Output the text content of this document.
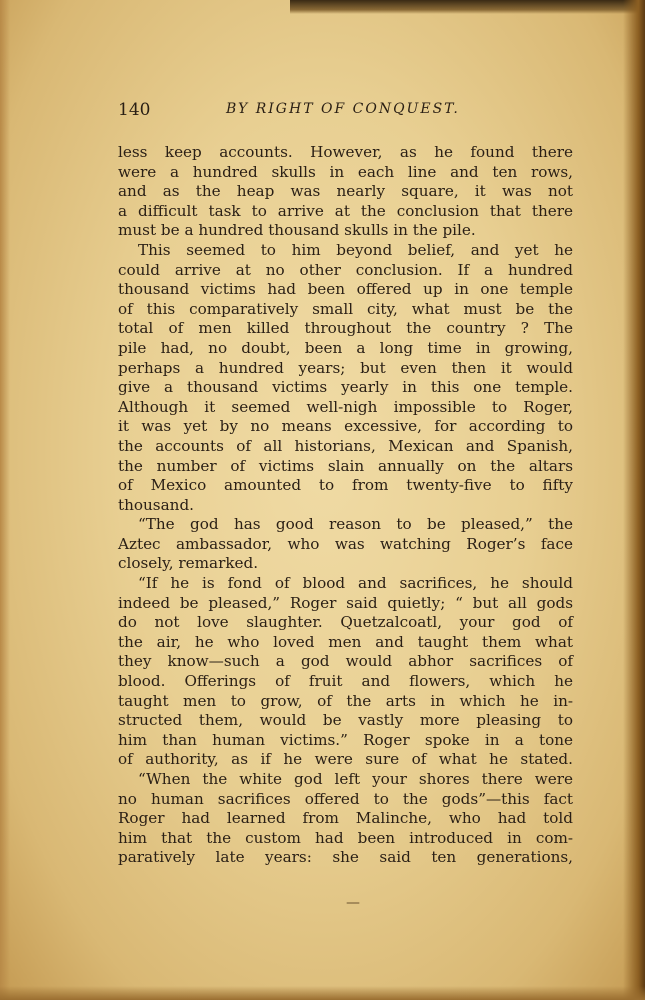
140	BY RIGHT OF CONQUEST.
less keep accounts. However, as he found there
were a hundred skulls in each line and ten rows,
and as the heap was nearly square, it was not
a difficult task to arrive at the conclusion that there
must be a hundred thousand skulls in the pile.
This seemed to him beyond belief, and yet he
could arrive at no other conclusion. If a hundred
thousand victims had been offered up in one temple
of this comparatively small city, what must be the
total of men killed throughout the country ? The
pile had, no doubt, been a long time in growing,
perhaps a hundred years; but even then it would
give a thousand victims yearly in this one temple.
Although it seemed well-nigh impossible to Roger,
it was yet by no means excessive, for according to
the accounts of all historians, Mexican and Spanish,
the number of victims slain annually on the altars
of Mexico amounted to from twenty-five to fifty
thousand.
“The god has good reason to be pleased,” the
Aztec ambassador, who was watching Roger’s face
closely, remarked.
“If he is fond of blood and sacrifices, he should
indeed be pleased,” Roger said quietly; “ but all gods
do not love slaughter. Quetzalcoatl, your god of
the air, he who loved men and taught them what
they know—such a god would abhor sacrifices of
blood. Offerings of fruit and flowers, which he
taught men to grow, of the arts in which he in-
structed them, would be vastly more pleasing to
him than human victims.” Roger spoke in a tone
of authority, as if he were sure of what he stated.
“When the white god left your shores there were
no human sacrifices offered to the gods”—this fact
Roger had learned from Malinche, who had told
him that the custom had been introduced in com-
paratively late years: she said ten generations,
—
